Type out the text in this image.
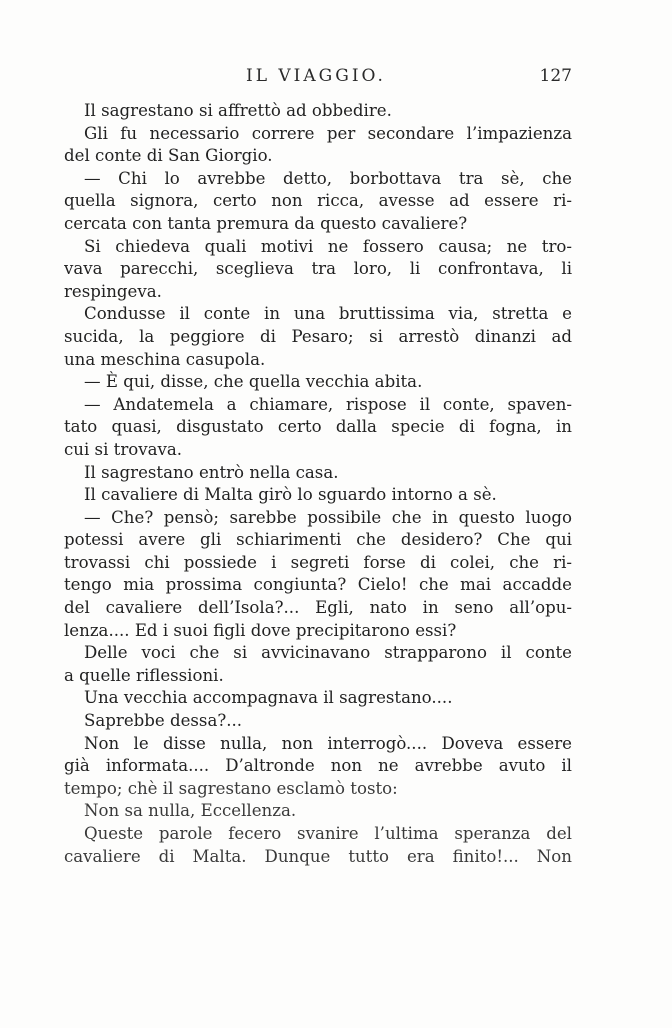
IL VIAGGIO.	127
Il sagrestano si affrettò ad obbedire.
Gli fu necessario correre per secondare l’impazienza
del conte di San Giorgio.
— Chi lo avrebbe detto, borbottava tra sè, che
quella signora, certo non ricca, avesse ad essere ri-
cercata con tanta premura da questo cavaliere?
Si chiedeva quali motivi ne fossero causa; ne tro-
vava parecchi, sceglieva tra loro, li confrontava, li
respingeva.
Condusse il conte in una bruttissima via, stretta e
sucida, la peggiore di Pesaro; si arrestò dinanzi ad
una meschina casupola.
— È qui, disse, che quella vecchia abita.
— Andatemela a chiamare, rispose il conte, spaven-
tato quasi, disgustato certo dalla specie di fogna, in
cui si trovava.
Il sagrestano entrò nella casa.
Il cavaliere di Malta girò lo sguardo intorno a sè.
— Che? pensò; sarebbe possibile che in questo luogo
potessi avere gli schiarimenti che desidero? Che qui
trovassi chi possiede i segreti forse di colei, che ri-
tengo mia prossima congiunta? Cielo! che mai accadde
del cavaliere dell’Isola?... Egli, nato in seno all’opu-
lenza.... Ed i suoi figli dove precipitarono essi?
Delle voci che si avvicinavano strapparono il conte
a quelle riflessioni.
Una vecchia accompagnava il sagrestano....
Saprebbe dessa?...
Non le disse nulla, non interrogò.... Doveva essere
già informata.... D’altronde non ne avrebbe avuto il
tempo; chè il sagrestano esclamò tosto:
Non sa nulla, Eccellenza.
Queste parole fecero svanire l’ultima speranza del
cavaliere di Malta. Dunque tutto era finito!... Non
